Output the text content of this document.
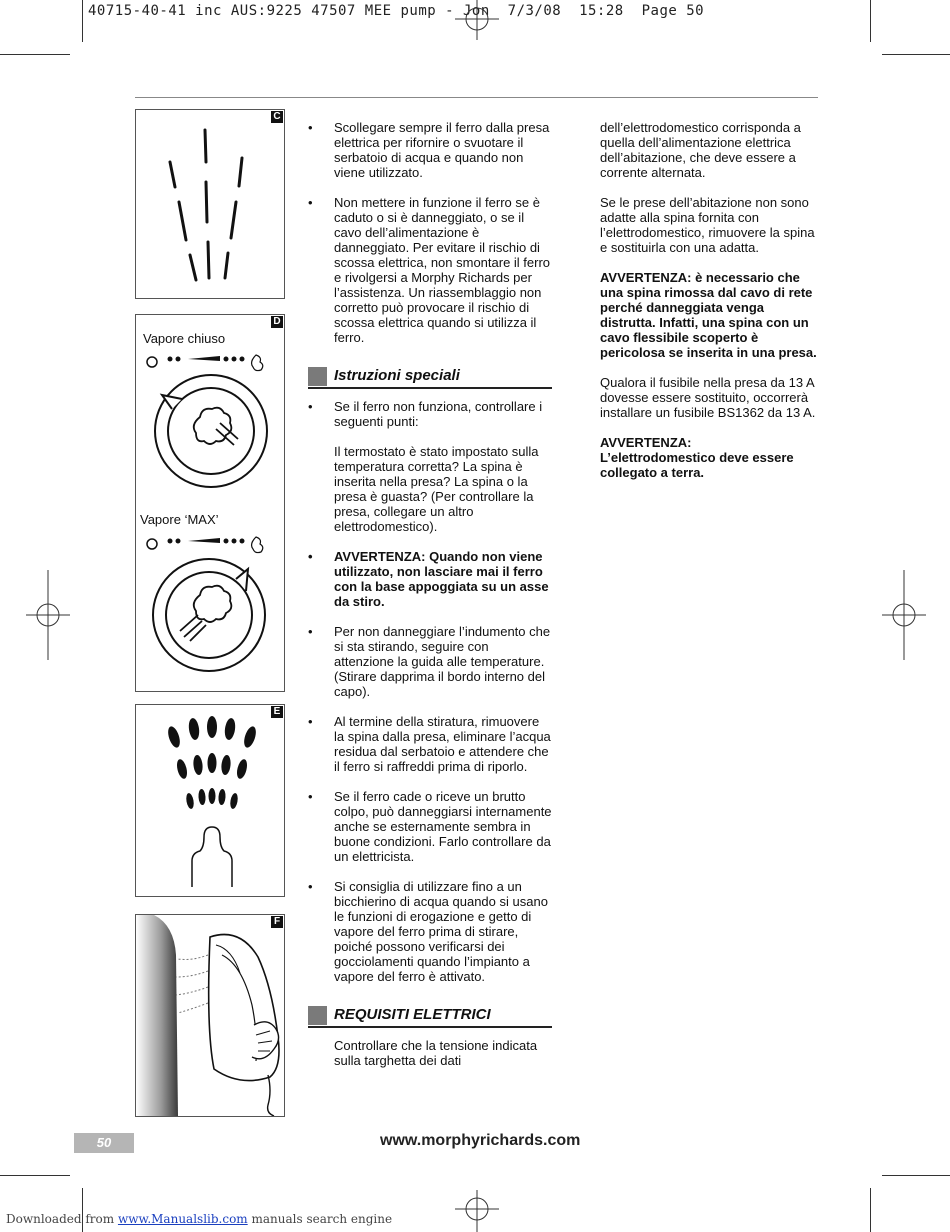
40715-40-41 inc AUS:9225 47507 MEE pump - Jon  7/3/08  15:28  Page 50
C
D
Vapore chiuso
Vapore ‘MAX’
E
F
• Scollegare sempre il ferro dalla presa elettrica per rifornire o svuotare il serbatoio di acqua e quando non viene utilizzato.
• Non mettere in funzione il ferro se è caduto o si è danneggiato, o se il cavo dell’alimentazione è danneggiato. Per evitare il rischio di scossa elettrica, non smontare il ferro e rivolgersi a Morphy Richards per l’assistenza. Un riassemblaggio non corretto può provocare il rischio di scossa elettrica quando si utilizza il ferro.
Istruzioni speciali
• Se il ferro non funziona, controllare i seguenti punti:
Il termostato è stato impostato sulla temperatura corretta? La spina è inserita nella presa? La spina o la presa è guasta? (Per controllare la presa, collegare un altro elettrodomestico).
• AVVERTENZA: Quando non viene utilizzato, non lasciare mai il ferro con la base appoggiata su un asse da stiro.
• Per non danneggiare l’indumento che si sta stirando, seguire con attenzione la guida alle temperature. (Stirare dapprima il bordo interno del capo).
• Al termine della stiratura, rimuovere la spina dalla presa, eliminare l’acqua residua dal serbatoio e attendere che il ferro si raffreddi prima di riporlo.
• Se il ferro cade o riceve un brutto colpo, può danneggiarsi internamente anche se esternamente sembra in buone condizioni. Farlo controllare da un elettricista.
• Si consiglia di utilizzare fino a un bicchierino di acqua quando si usano le funzioni di erogazione e getto di vapore del ferro prima di stirare, poiché possono verificarsi dei gocciolamenti quando l’impianto a vapore del ferro è attivato.
REQUISITI ELETTRICI
Controllare che la tensione indicata sulla targhetta dei dati
dell’elettrodomestico corrisponda a quella dell’alimentazione elettrica dell’abitazione, che deve essere a corrente alternata.
Se le prese dell’abitazione non sono adatte alla spina fornita con l’elettrodomestico, rimuovere la spina e sostituirla con una adatta.
AVVERTENZA: è necessario che una spina rimossa dal cavo di rete perché danneggiata venga distrutta. Infatti, una spina con un cavo flessibile scoperto è pericolosa se inserita in una presa.
Qualora il fusibile nella presa da 13 A dovesse essere sostituito, occorrerà installare un fusibile BS1362 da 13 A.
AVVERTENZA:
L’elettrodomestico deve essere collegato a terra.
50	www.morphyrichards.com
Downloaded from www.Manualslib.com manuals search engine
